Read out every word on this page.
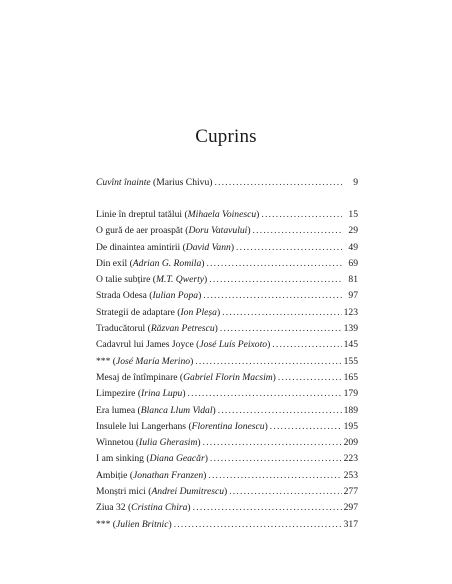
Cuprins
Cuvînt înainte (Marius Chivu) . . .	9
Linie în dreptul tatălui (Mihaela Voinescu) . . .	15
O gură de aer proaspăt (Doru Vatavului) . . .	29
De dinaintea amintirii (David Vann) . . .	49
Din exil (Adrian G. Romila) . . .	69
O talie subțire (M.T. Qwerty) . . .	81
Strada Odesa (Iulian Popa) . . .	97
Strategii de adaptare (Ion Pleșa) . . .	123
Traducătorul (Răzvan Petrescu) . . .	139
Cadavrul lui James Joyce (José Luís Peixoto) . . .	145
*** (José María Merino) . . .	155
Mesaj de întîmpinare (Gabriel Florin Macsim) . . .	165
Limpezire (Irina Lupu) . . .	179
Era lumea (Blanca Llum Vidal) . . .	189
Insulele lui Langerhans (Florentina Ionescu) . . .	195
Winnetou (Iulia Gherasim) . . .	209
I am sinking (Diana Geacăr) . . .	223
Ambiție (Jonathan Franzen) . . .	253
Monștri mici (Andrei Dumitrescu) . . .	277
Ziua 32 (Cristina Chira) . . .	297
*** (Julien Britnic) . . .	317
